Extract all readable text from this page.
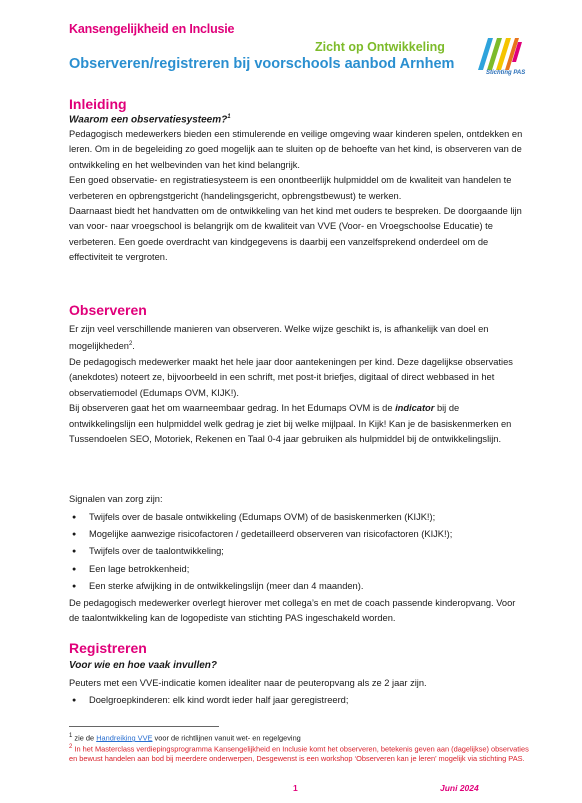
Kansengelijkheid en Inclusie
Zicht op Ontwikkeling
Observeren/registreren bij voorschools aanbod Arnhem
Stichting PAS
Inleiding
Waarom een observatiesysteem?$^1$
Pedagogisch medewerkers bieden een stimulerende en veilige omgeving waar kinderen spelen, ontdekken en leren. Om in de begeleiding zo goed mogelijk aan te sluiten op de behoefte van het kind, is observeren van de ontwikkeling en het welbevinden van het kind belangrijk.
Een goed observatie- en registratiesysteem is een onontbeerlijk hulpmiddel om de kwaliteit van handelen te verbeteren en opbrengstgericht (handelingsgericht, opbrengstbewust) te werken.
Daarnaast biedt het handvatten om de ontwikkeling van het kind met ouders te bespreken. De doorgaande lijn van voor- naar vroegschool is belangrijk om de kwaliteit van VVE (Voor- en Vroegschoolse Educatie) te verbeteren. Een goede overdracht van kindgegevens is daarbij een vanzelfsprekend onderdeel om de effectiviteit te vergroten.
Observeren
Er zijn veel verschillende manieren van observeren. Welke wijze geschikt is, is afhankelijk van doel en mogelijkheden$^2$.
De pedagogisch medewerker maakt het hele jaar door aantekeningen per kind. Deze dagelijkse observaties (anekdotes) noteert ze, bijvoorbeeld in een schrift, met post-it briefjes, digitaal of direct webbased in het observatiemodel (Edumaps OVM, KIJK!).
Bij observeren gaat het om waarneembaar gedrag. In het Edumaps OVM is de indicator bij de ontwikkelingslijn een hulpmiddel welk gedrag je ziet bij welke mijlpaal. In Kijk! Kan je de basiskenmerken en Tussendoelen SEO, Motoriek, Rekenen en Taal 0-4 jaar gebruiken als hulpmiddel bij de ontwikkelingslijn.
Signalen van zorg zijn:
● Twijfels over de basale ontwikkeling (Edumaps OVM) of de basiskenmerken (KIJK!);
● Mogelijke aanwezige risicofactoren / gedetailleerd observeren van risicofactoren (KIJK!);
● Twijfels over de taalontwikkeling;
● Een lage betrokkenheid;
● Een sterke afwijking in de ontwikkelingslijn (meer dan 4 maanden).
De pedagogisch medewerker overlegt hierover met collega’s en met de coach passende kinderopvang. Voor de taalontwikkeling kan de logopediste van stichting PAS ingeschakeld worden.
Registreren
Voor wie en hoe vaak invullen?
Peuters met een VVE-indicatie komen idealiter naar de peuteropvang als ze 2 jaar zijn.
● Doelgroepkinderen: elk kind wordt ieder half jaar geregistreerd;
$^1$ zie de Handreiking VVE voor de richtlijnen vanuit wet- en regelgeving
$^2$ In het Masterclass verdiepingsprogramma Kansengelijkheid en Inclusie komt het observeren, betekenis geven aan (dagelijkse) observaties en bewust handelen aan bod bij meerdere onderwerpen, Desgewenst is een workshop ‘Observeren kan je leren’ mogelijk via stichting PAS.
1	Juni 2024
